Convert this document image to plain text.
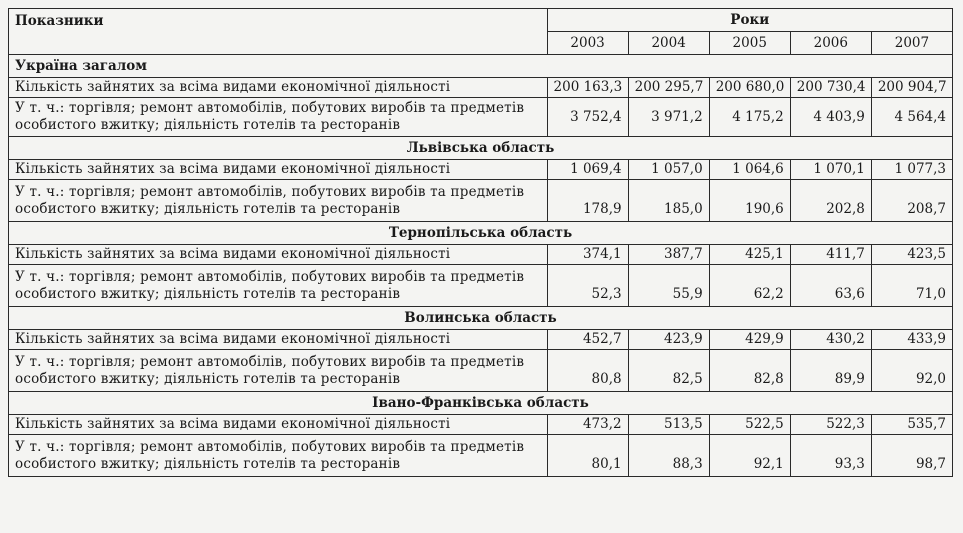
Показники	Роки				
	2003	2004	2005	2006	2007
Україна загалом					
Кількість зайнятих за всіма видами економічної діяльності	200 163,3	200 295,7	200 680,0	200 730,4	200 904,7
У т. ч.: торгівля; ремонт автомобілів, побутових виробів та предметів особистого вжитку; діяльність готелів та ресторанів	3 752,4	3 971,2	4 175,2	4 403,9	4 564,4
Львівська область					
Кількість зайнятих за всіма видами економічної діяльності	1 069,4	1 057,0	1 064,6	1 070,1	1 077,3
У т. ч.: торгівля; ремонт автомобілів, побутових виробів та предметів особистого вжитку; діяльність готелів та ресторанів	178,9	185,0	190,6	202,8	208,7
Тернопільська область					
Кількість зайнятих за всіма видами економічної діяльності	374,1	387,7	425,1	411,7	423,5
У т. ч.: торгівля; ремонт автомобілів, побутових виробів та предметів особистого вжитку; діяльність готелів та ресторанів	52,3	55,9	62,2	63,6	71,0
Волинська область					
Кількість зайнятих за всіма видами економічної діяльності	452,7	423,9	429,9	430,2	433,9
У т. ч.: торгівля; ремонт автомобілів, побутових виробів та предметів особистого вжитку; діяльність готелів та ресторанів	80,8	82,5	82,8	89,9	92,0
Івано-Франківська область					
Кількість зайнятих за всіма видами економічної діяльності	473,2	513,5	522,5	522,3	535,7
У т. ч.: торгівля; ремонт автомобілів, побутових виробів та предметів особистого вжитку; діяльність готелів та ресторанів	80,1	88,3	92,1	93,3	98,7
